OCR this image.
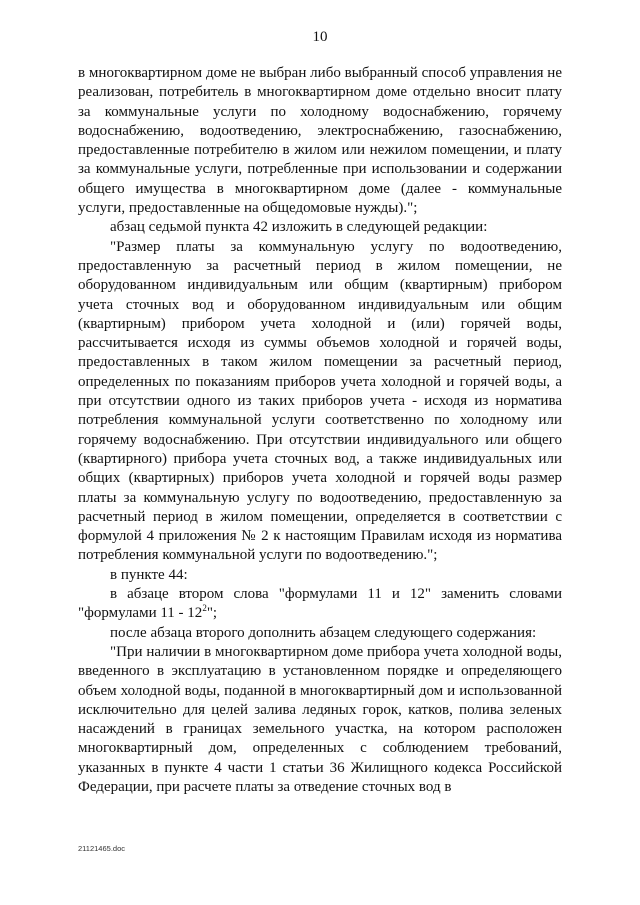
10

в многоквартирном доме не выбран либо выбранный способ управления не реализован, потребитель в многоквартирном доме отдельно вносит плату за коммунальные услуги по холодному водоснабжению, горячему водоснабжению, водоотведению, электроснабжению, газоснабжению, предоставленные потребителю в жилом или нежилом помещении, и плату за коммунальные услуги, потребленные при использовании и содержании общего имущества в многоквартирном доме (далее - коммунальные услуги, предоставленные на общедомовые нужды).";

абзац седьмой пункта 42 изложить в следующей редакции:

"Размер платы за коммунальную услугу по водоотведению, предоставленную за расчетный период в жилом помещении, не оборудованном индивидуальным или общим (квартирным) прибором учета сточных вод и оборудованном индивидуальным или общим (квартирным) прибором учета холодной и (или) горячей воды, рассчитывается исходя из суммы объемов холодной и горячей воды, предоставленных в таком жилом помещении за расчетный период, определенных по показаниям приборов учета холодной и горячей воды, а при отсутствии одного из таких приборов учета - исходя из норматива потребления коммунальной услуги соответственно по холодному или горячему водоснабжению. При отсутствии индивидуального или общего (квартирного) прибора учета сточных вод, а также индивидуальных или общих (квартирных) приборов учета холодной и горячей воды размер платы за коммунальную услугу по водоотведению, предоставленную за расчетный период в жилом помещении, определяется в соответствии с формулой 4 приложения № 2 к настоящим Правилам исходя из норматива потребления коммунальной услуги по водоотведению.";

в пункте 44:

в абзаце втором слова "формулами 11 и 12" заменить словами "формулами $11 - 12^2$";

после абзаца второго дополнить абзацем следующего содержания:

"При наличии в многоквартирном доме прибора учета холодной воды, введенного в эксплуатацию в установленном порядке и определяющего объем холодной воды, поданной в многоквартирный дом и использованной исключительно для целей залива ледяных горок, катков, полива зеленых насаждений в границах земельного участка, на котором расположен многоквартирный дом, определенных с соблюдением требований, указанных в пункте 4 части 1 статьи 36 Жилищного кодекса Российской Федерации, при расчете платы за отведение сточных вод в

21121465.doc
